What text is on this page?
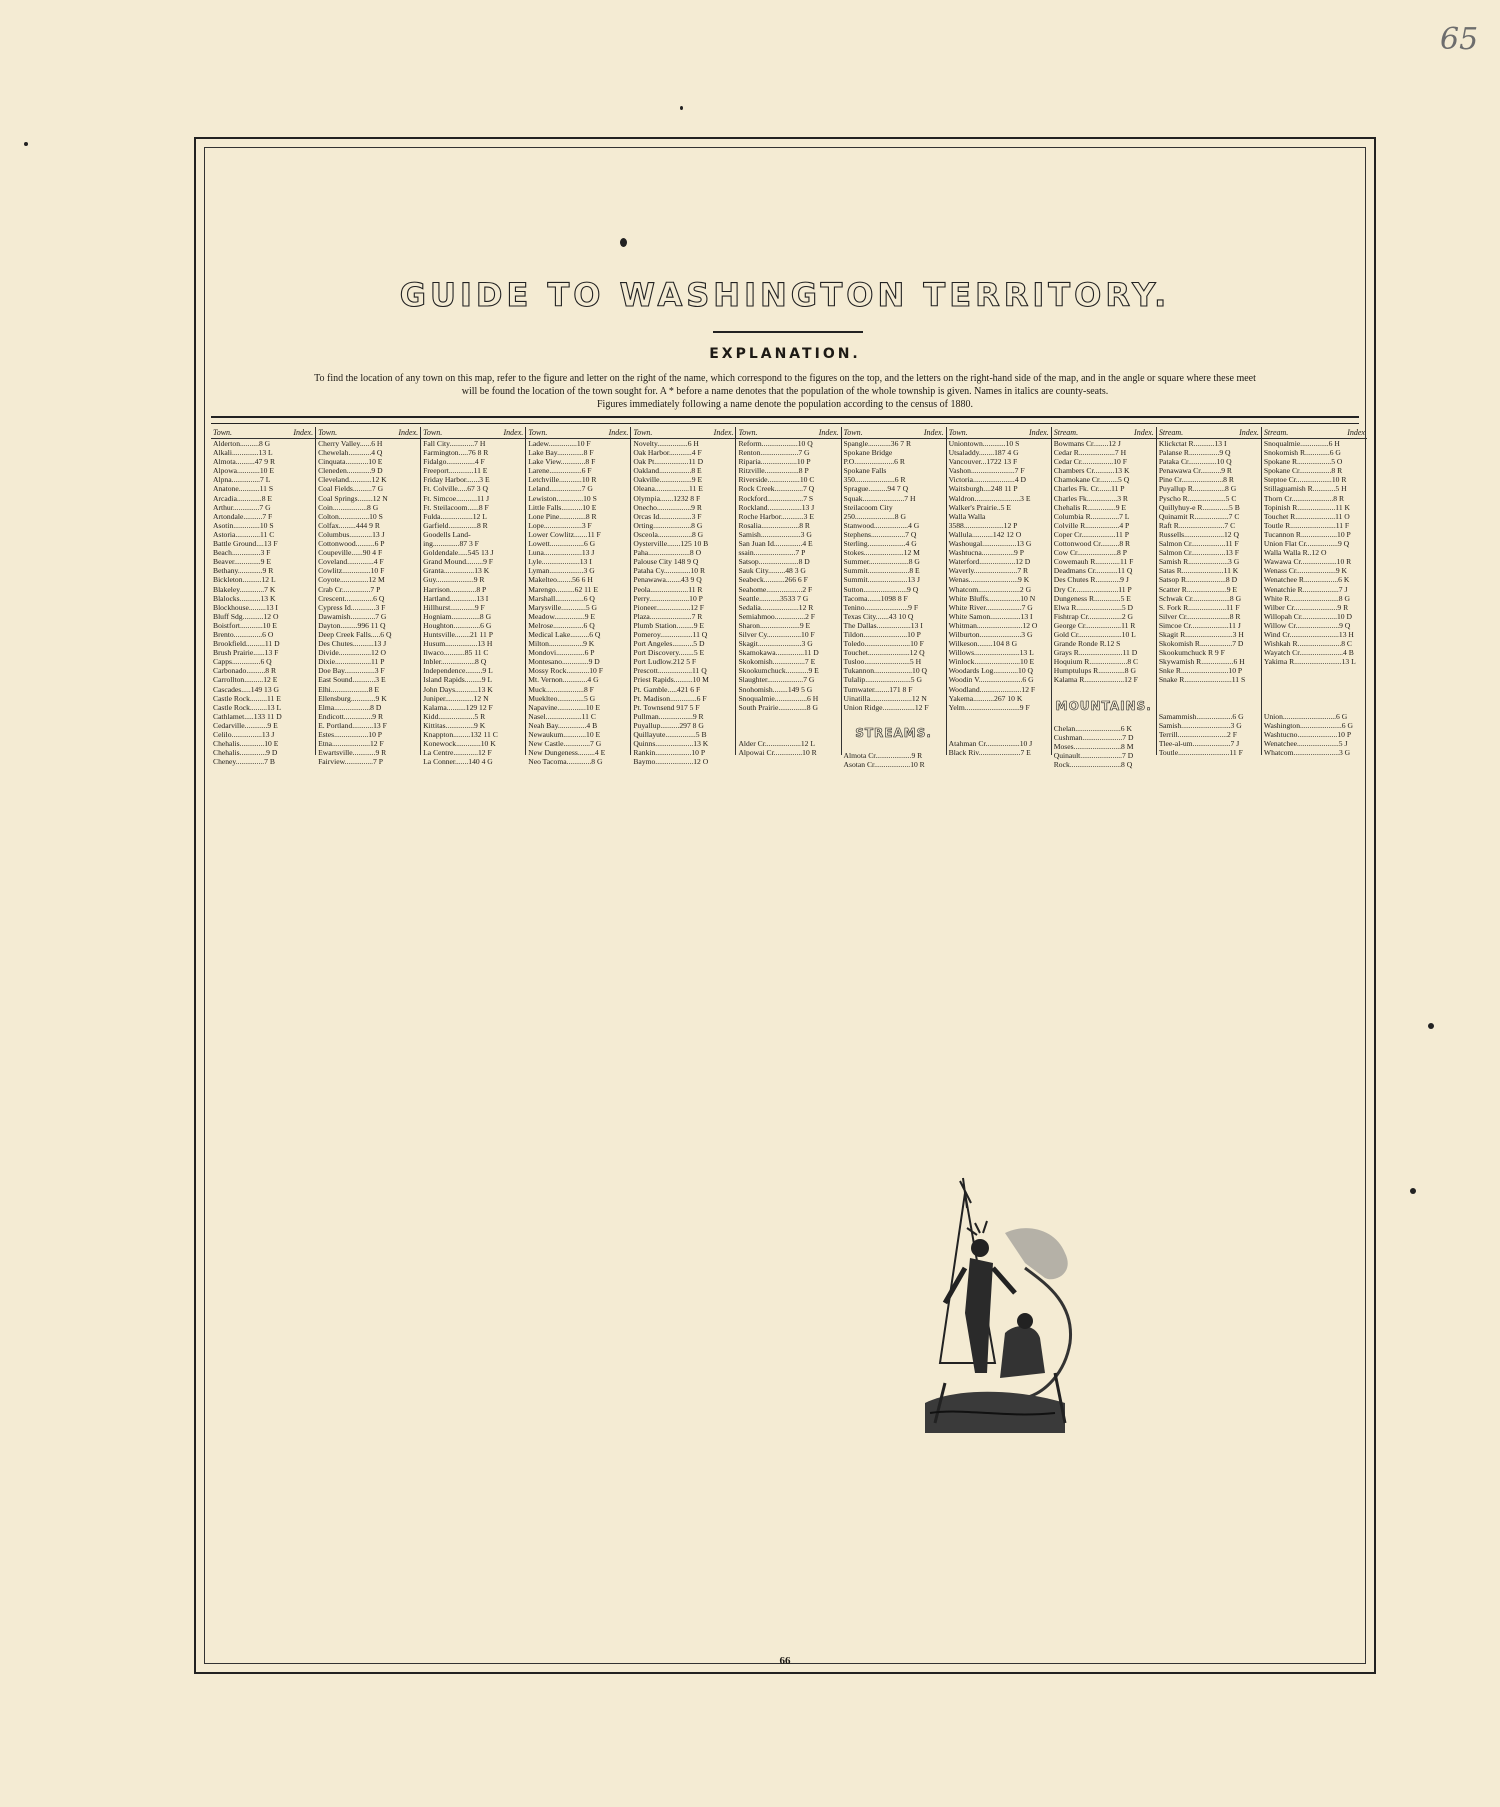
65
GUIDE TO WASHINGTON TERRITORY.
EXPLANATION.
To find the location of any town on this map, refer to the figure and letter on the right of the name, which correspond to the figures on the top, and the letters on the right-hand side of the map, and in the angle or square where these meet
will be found the location of the town sought for. A * before a name denotes that the population of the whole township is given. Names in italics are county-seats.
Figures immediately following a name denote the population according to the census of 1880.
Town.	Index.
Alderton..........8 G
Alkali..............13 L
Almota..........47 9 R
Alpowa............10 E
Alpna...............7 L
Anatone...........11 S
Arcadia.............8 E
Arthur..............7 G
Artondale..........7 F
Asotin..............10 S
Astoria.............11 C
Battle Ground....13 F
Beach...............3 F
Beaver..............9 E
Bethany.............9 R
Bickleton..........12 L
Blakeley.............7 K
Blalocks...........13 K
Blockhouse.........13 I
Bluff Sdg...........12 O
Boistfort............10 E
Brento...............6 O
Brookfield..........11 D
Brush Prairie......13 F
Capps...............6 Q
Carbonado..........8 R
Carrollton..........12 E
Cascades.....149 13 G
Castle Rock.........11 E
Castle Rock.........13 L
Cathlamet.....133 11 D
Cedarville............9 E
Celilo................13 J
Chehalis.............10 E
Chehalis..............9 D
Cheney...............7 B
Town.	Index.
Cherry Valley......6 H
Chewelah............4 Q
Cinquata............10 E
Cleneden.............9 D
Cleveland............12 K
Coal Fields..........7 G
Coal Springs........12 N
Coin..................8 G
Colton................10 S
Colfax.........444 9 R
Columbus............13 J
Cottonwood..........6 P
Coupeville......90 4 F
Coveland..............4 F
Cowlitz...............10 F
Coyote...............12 M
Crab Cr...............7 P
Crescent...............6 Q
Cypress Id.............3 F
Dawamish.............7 G
Dayton.........996 11 Q
Deep Creek Falls.....6 Q
Des Chutes...........13 J
Divide.................12 O
Dixie...................11 P
Doe Bay................3 F
East Sound............3 E
Elhi....................8 E
Ellensburg.............9 K
Elma...................8 D
Endicott...............9 R
E. Portland...........13 F
Estes..................10 P
Etna....................12 F
Ewartsville............9 R
Fairview...............7 P
Town.	Index.
Fall City.............7 H
Farmington.....76 8 R
Fidalgo...............4 F
Freeport.............11 E
Friday Harbor.......3 E
Ft. Colville.....67 3 Q
Ft. Simcoe...........11 J
Ft. Steilacoom......8 F
Fulda.................12 L
Garfield...............8 R
Goodells Land-
ing..............87 3 F
Goldendale.....545 13 J
Grand Mound.........9 F
Granta................13 K
Guy....................9 R
Harrison..............8 P
Hartland..............13 I
Hillhurst.............9 F
Hogniam...............8 G
Houghton..............6 G
Huntsville........21 11 P
Husum.................13 H
Ilwaco...........85 11 C
Inbler..................8 Q
Independence.........9 L
Island Rapids.........9 L
John Days............13 K
Juniper...............12 N
Kalama..........129 12 F
Kidd...................5 R
Kittitas...............9 K
Knappton.........132 11 C
Konewock.............10 K
La Centre.............12 F
La Conner.......140 4 G
Town.	Index.
Ladew...............10 F
Lake Bay..............8 F
Lake View.............8 F
Larene.................6 F
Letchville............10 R
Leland.................7 G
Lewiston..............10 S
Little Falls...........10 E
Lone Pine..............8 R
Lope....................3 F
Lower Cowlitz.......11 F
Lowett..................6 G
Luna....................13 J
Lyle....................13 I
Lyman..................3 G
Makelteo........56 6 H
Marengo..........62 11 E
Marshall...............6 Q
Marysville.............5 G
Meadow................9 E
Melrose................6 Q
Medical Lake..........6 Q
Milton..................9 K
Mondovi...............6 P
Montesano..............9 D
Mossy Rock............10 F
Mt. Vernon.............4 G
Muck....................8 F
Mueklteo..............5 G
Napavine...............10 E
Nasel...................11 C
Neah Bay...............4 B
Newaukum............10 E
New Castle..............7 G
New Dungeness.........4 E
Neo Tacoma.............8 G
Town.	Index.
Novelty................6 H
Oak Harbor............4 F
Oak Pt..................11 D
Oakland.................8 E
Oakville.................9 E
Oleana..................11 E
Olympia.......1232 8 F
Onecho..................9 R
Orcas Id.................3 F
Orting....................8 G
Osceola..................8 G
Oysterville.......125 10 B
Paha......................8 O
Palouse City 148 9 Q
Pataha Cy..............10 R
Penawawa........43 9 Q
Peola....................11 R
Perry.....................10 P
Pioneer..................12 F
Plaza......................7 R
Plumb Station.........9 E
Pomeroy.................11 Q
Port Angeles...........5 D
Port Discovery........5 E
Port Ludlow.212 5 F
Prescott..................11 Q
Priest Rapids..........10 M
Pt. Gamble.....421 6 F
Pt. Madison..............6 F
Pt. Townsend 917 5 F
Pullman..................9 R
Puyallup..........297 8 G
Quillayute................5 B
Quinns....................13 K
Rankin...................10 P
Baymo....................12 O
Town.	Index.
Reform...................10 Q
Renton....................7 G
Riparia...................10 P
Ritzville..................8 P
Riverside.................10 C
Rock Creek...............7 Q
Rockford...................7 S
Rockland..................13 J
Roche Harbor............3 E
Rosalia....................8 R
Samish.....................3 G
San Juan Id...............4 E
ssain......................7 P
Satsop.....................8 D
Sauk City.........48 3 G
Seabeck...........266 6 F
Seahome...................2 F
Seattle...........3533 7 G
Sedalia....................12 R
Semiahmoo................2 F
Sharon.....................9 E
Silver Cy..................10 F
Skagit.......................3 G
Skamokawa...............11 D
Skokomish.................7 E
Skookumchuck............9 E
Slaughter...................7 G
Snohomish........149 5 G
Snoqualmie.................6 H
South Prairie...............8 G

Alder Cr...................12 L
Alpowai Cr...............10 R
Town.	Index.
Spangle............36 7 R
Spokane Bridge
P.O.....................6 R
Spokane Falls
350.....................6 R
Sprague..........94 7 Q
Squak......................7 H
Steilacoom City
250.....................8 G
Stanwood..................4 G
Stephens..................7 Q
Sterling....................4 G
Stokes.....................12 M
Summer.....................8 G
Summit......................8 E
Summit.....................13 J
Sutton.......................9 Q
Tacoma.......1098 8 F
Tenino.......................9 F
Texas City.......43 10 Q
The Dallas..................13 I
Tildon.......................10 P
Toledo........................10 F
Touchet......................12 Q
Tusloo........................5 H
Tukannon....................10 Q
Tulalip........................5 G
Tumwater........171 8 F
Uinatilla......................12 N
Union Ridge.................12 F

STREAMS.

Almota Cr...................9 R
Asotan Cr...................10 R
Town.	Index.
Uniontown............10 S
Utsaladdy........187 4 G
Vancouver...1722 13 F
Vashon.......................7 F
Victoria......................4 D
Waitsburgh....248 11 P
Waldron........................3 E
Walker's Prairie..5 E
Walla Walla
3588.....................12 P
Wallula...........142 12 O
Washougal..................13 G
Washtucna.................9 P
Waterford...................12 D
Waverly.......................7 R
Wenas..........................9 K
Whatcom......................2 G
White Bluffs.................10 N
White River...................7 G
White Samon................13 I
Whitman........................12 O
Wilburton......................3 G
Wilkeson........104 8 G
Willows........................13 L
Winlock........................10 E
Woodards Log.............10 Q
Woodin V.......................6 G
Woodland......................12 F
Yakema...........267 10 K
Yelm.............................9 F

Atahman Cr..................10 J
Black Riv......................7 E
Stream.	Index.
Bowmans Cr........12 J
Cedar R...................7 H
Cedar Cr.................10 F
Chambers Cr...........13 K
Chamokane Cr..........5 Q
Charles Fk. Cr.......11 P
Charles Fk................3 R
Chehalis R...............9 E
Columbia R...............7 L
Colville R..................4 P
Coper Cr..................11 P
Cottonwood Cr..........8 R
Cow Cr.....................8 P
Cowemauh R.............11 F
Deadmans Cr............11 Q
Des Chutes R.............9 J
Dry Cr.......................11 P
Dungeness R..............5 E
Elwa R........................5 D
Fishtrap Cr..................2 G
George Cr...................11 R
Gold Cr.......................10 L
Grande Ronde R.12 S
Grays R.......................11 D
Hoquium R....................8 C
Humptulups R..............8 G
Kalama R.....................12 F

MOUNTAINS.

Chelan........................6 K
Cushman.....................7 D
Moses.........................8 M
Quinault......................7 D
Rock...........................8 Q
Stream.	Index.
Klickctat R...........13 I
Palanse R................9 Q
Pataka Cr...............10 Q
Penawawa Cr...........9 R
Pine Cr......................8 R
Puyallup R.................8 G
Pyscho R....................5 C
Quillyhuy-e R..............5 B
Quinamit R..................7 C
Raft R........................7 C
Russells.....................12 Q
Salmon Cr..................11 F
Salmon Cr..................13 F
Samish R.....................3 G
Satas R......................11 K
Satsop R.....................8 D
Scatter R.....................9 E
Schwak Cr....................8 G
S. Fork R....................11 F
Silver Cr.......................8 R
Simcoe Cr....................11 J
Skagit R.........................3 H
Skokomish R.................7 D
Skookumchuck R 9 F
Skywamish R.................6 H
Snke R.........................10 P
Snake R.........................11 S

Samammish...................6 G
Samish..........................3 G
Terrill..........................2 F
Tlee-al-um....................7 J
Toutle...........................11 F
Stream.	Index
Snoqualmie...............6 H
Snokomish R.............6 G
Spokane R..................5 O
Spokane Cr.................8 R
Steptoe Cr...................10 R
Stillaguamish R............5 H
Thorn Cr......................8 R
Topinish R....................11 K
Touchet R.....................11 O
Toutle R........................11 F
Tucannon R...................10 P
Union Flat Cr.................9 Q
Walla Walla R..12 O
Wawawa Cr...................10 R
Wenass Cr.....................9 K
Wenatchee R..................6 K
Wenatchie R...................7 J
White R..........................8 G
Wilber Cr.......................9 R
Willopah Cr...................10 D
Willow Cr.......................9 Q
Wind Cr..........................13 H
Wishkah R.......................8 C
Wayatch Cr.......................4 B
Yakima R.........................13 L

Union............................6 G
Washington......................6 G
Washtucno.....................10 P
Wenatchee......................5 J
Whatcom........................3 G
66
